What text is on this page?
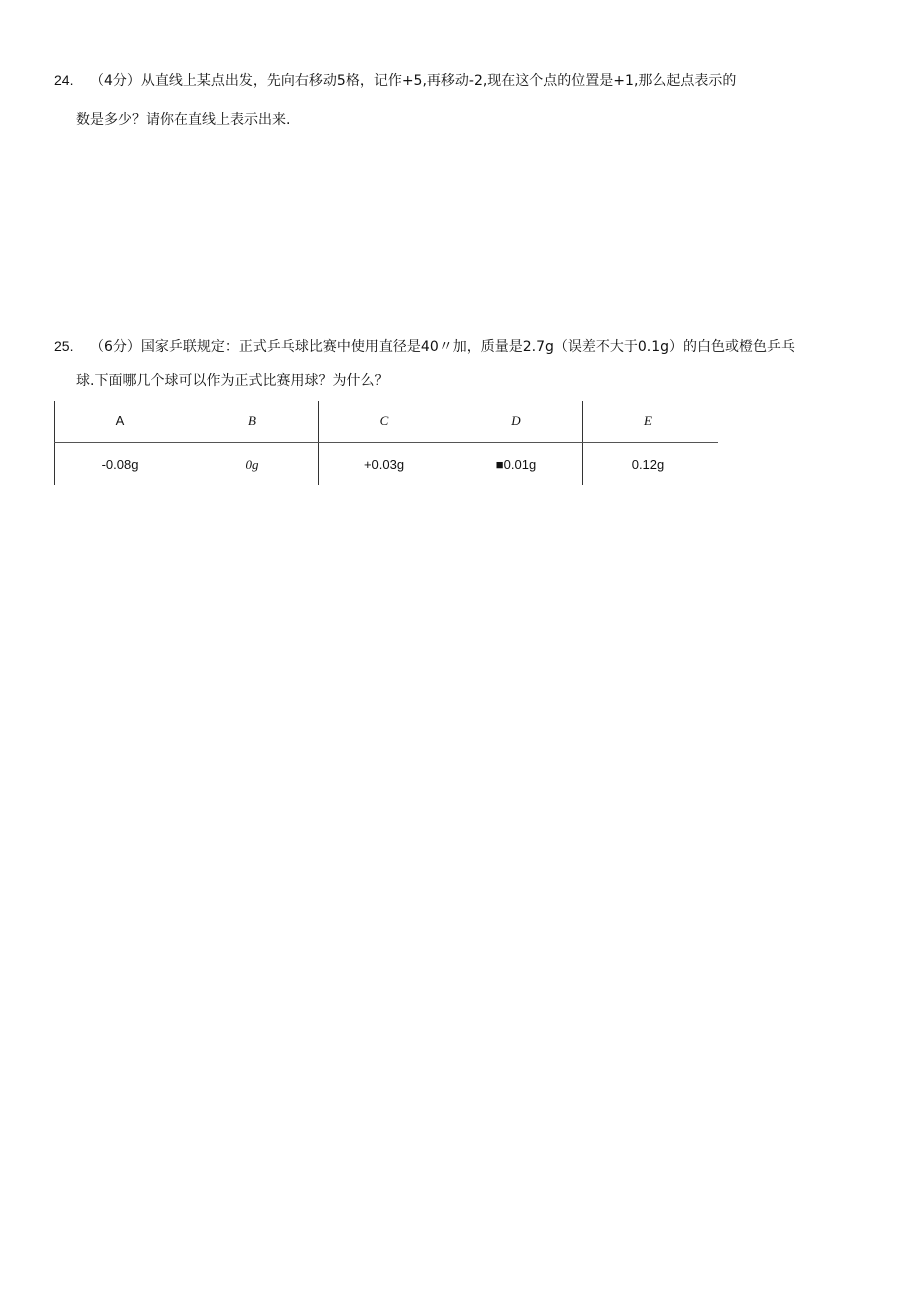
24. （4分）从直线上某点出发，先向右移动5格，记作+5,再移动-2,现在这个点的位置是+1,那么起点表示的
数是多少？请你在直线上表示出来.
25. （6分）国家乒联规定：正式乒乓球比赛中使用直径是40〃加，质量是2.7g（误差不大于0.1g）的白色或橙色乒乓
球.下面哪几个球可以作为正式比赛用球？为什么？
A	B	C	D	E
-0.08g	0g	+0.03g	■0.01g	0.12g
